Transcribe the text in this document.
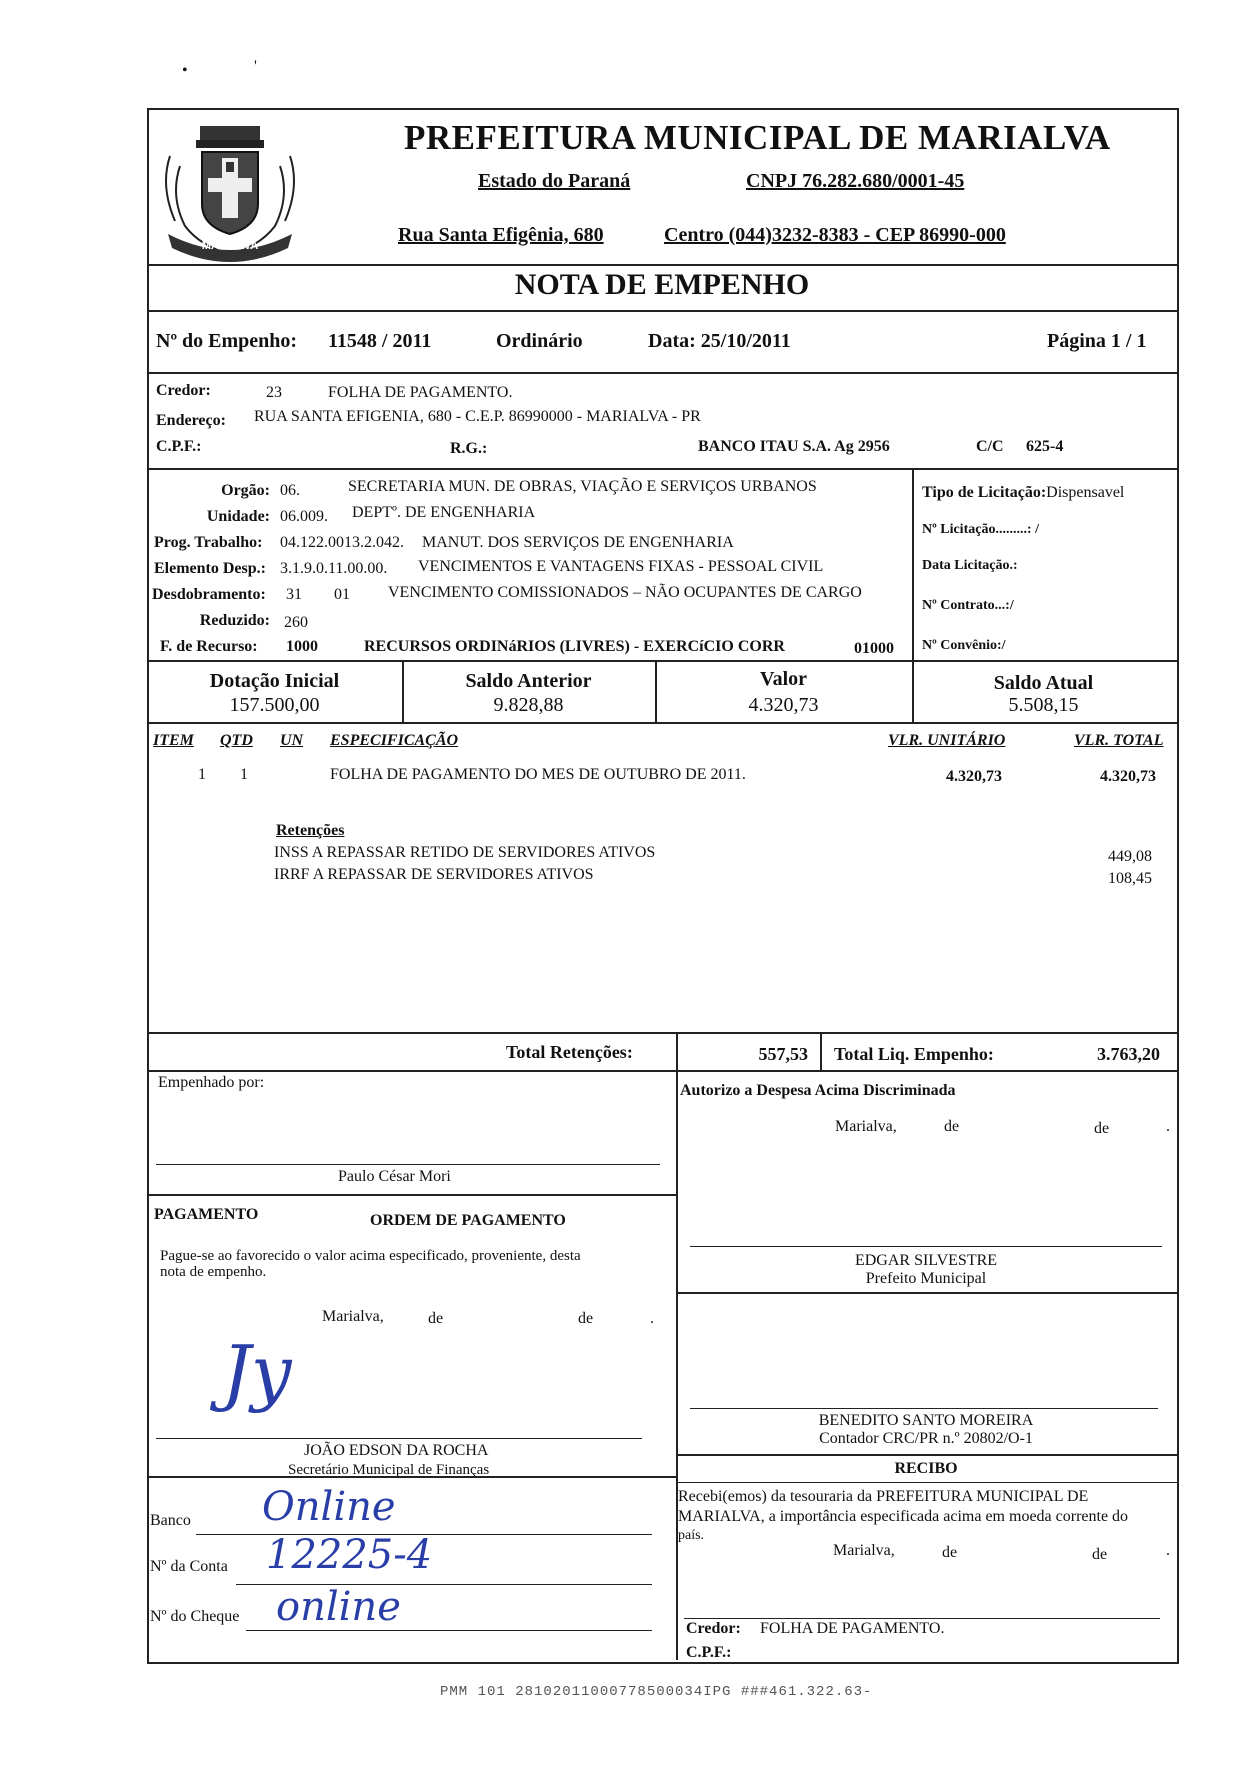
•	'
MARIALVA
PREFEITURA MUNICIPAL DE MARIALVA
Estado do Paraná	CNPJ 76.282.680/0001-45
Rua Santa Efigênia, 680	Centro (044)3232-8383 - CEP 86990-000
NOTA DE EMPENHO
Nº do Empenho: 11548 / 2011	Ordinário	Data: 25/10/2011	Página 1 / 1
Credor:	23	FOLHA DE PAGAMENTO.
Endereço: RUA SANTA EFIGENIA, 680 - C.E.P. 86990000 - MARIALVA - PR
C.P.F.:	R.G.:	BANCO ITAU S.A. Ag 2956	C/C 625-4
Orgão: 06.	SECRETARIA MUN. DE OBRAS, VIAÇÃO E SERVIÇOS URBANOS
Unidade: 06.009. DEPTº. DE ENGENHARIA
Prog. Trabalho: 04.122.0013.2.042. MANUT. DOS SERVIÇOS DE ENGENHARIA
Elemento Desp.: 3.1.9.0.11.00.00. VENCIMENTOS E VANTAGENS FIXAS - PESSOAL CIVIL
Desdobramento: 31 01 VENCIMENTO COMISSIONADOS – NÃO OCUPANTES DE CARGO
Reduzido: 260
F. de Recurso: 1000	RECURSOS ORDINáRIOS (LIVRES) - EXERCíCIO CORR	01000
Tipo de Licitação:Dispensavel
Nº Licitação.........: /
Data Licitação.:
Nº Contrato...:/
Nº Convênio:/
Dotação Inicial
157.500,00
Saldo Anterior
9.828,88
Valor
4.320,73
Saldo Atual
5.508,15
ITEM QTD UN ESPECIFICAÇÃO	VLR. UNITÁRIO	VLR. TOTAL
1 1	FOLHA DE PAGAMENTO DO MES DE OUTUBRO DE 2011.	4.320,73	4.320,73
Retenções
INSS A REPASSAR RETIDO DE SERVIDORES ATIVOS	449,08
IRRF A REPASSAR DE SERVIDORES ATIVOS	108,45
Total Retenções:	557,53 Total Liq. Empenho:	3.763,20
Empenhado por:
Paulo César Mori
Autorizo a Despesa Acima Discriminada
Marialva,	de	de	.
PAGAMENTO	ORDEM DE PAGAMENTO
Pague-se ao favorecido o valor acima especificado, proveniente, desta
nota de empenho.
Marialva,	de	de	.
Jy
JOÃO EDSON DA ROCHA
Secretário Municipal de Finanças
EDGAR SILVESTRE
Prefeito Municipal
BENEDITO SANTO MOREIRA
Contador CRC/PR n.º 20802/O-1
RECIBO
Recebi(emos) da tesouraria da PREFEITURA MUNICIPAL DE
MARIALVA, a importância especificada acima em moeda corrente do
país.
Marialva,	de	de	.
Credor: FOLHA DE PAGAMENTO.
C.P.F.:
Banco Online
Nº da Conta 12225-4
Nº do Cheque online
PMM 101 28102011000778500034IPG ###461.322.63-
